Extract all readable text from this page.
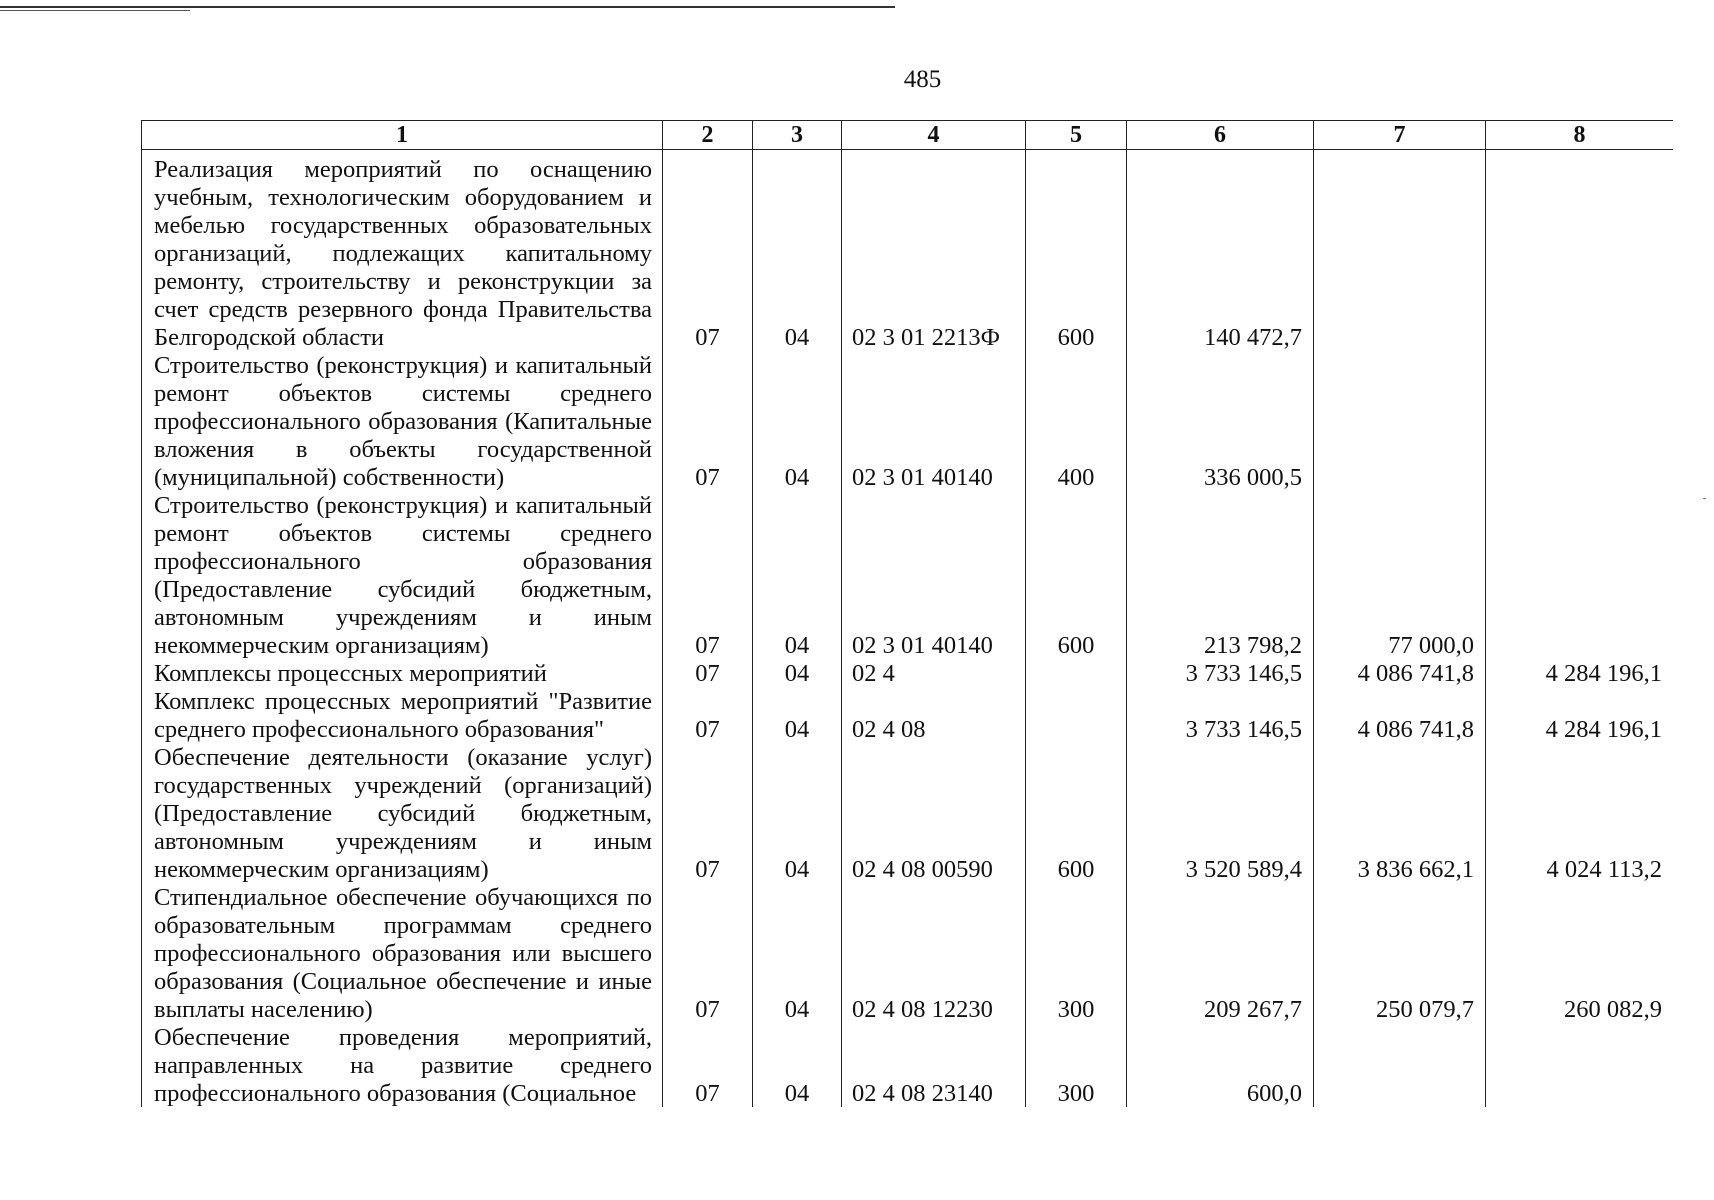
485
1	2	3	4	5	6	7	8
Реализация мероприятий по оснащению учебным, технологическим оборудованием и мебелью государственных образовательных организаций, подлежащих капитальному ремонту, строительству и реконструкции за счет средств резервного фонда Правительства Белгородской области	07	04	02 3 01 2213Ф	600	140 472,7		
Строительство (реконструкция) и капитальный ремонт объектов системы среднего профессионального образования (Капитальные вложения в объекты государственной (муниципальной) собственности)	07	04	02 3 01 40140	400	336 000,5		
Строительство (реконструкция) и капитальный ремонт объектов системы среднего профессионального образования (Предоставление субсидий бюджетным, автономным учреждениям и иным некоммерческим организациям)	07	04	02 3 01 40140	600	213 798,2	77 000,0	
Комплексы процессных мероприятий	07	04	02 4		3 733 146,5	4 086 741,8	4 284 196,1
Комплекс процессных мероприятий "Развитие среднего профессионального образования"	07	04	02 4 08		3 733 146,5	4 086 741,8	4 284 196,1
Обеспечение деятельности (оказание услуг) государственных учреждений (организаций) (Предоставление субсидий бюджетным, автономным учреждениям и иным некоммерческим организациям)	07	04	02 4 08 00590	600	3 520 589,4	3 836 662,1	4 024 113,2
Стипендиальное обеспечение обучающихся по образовательным программам среднего профессионального образования или высшего образования (Социальное обеспечение и иные выплаты населению)	07	04	02 4 08 12230	300	209 267,7	250 079,7	260 082,9
Обеспечение проведения мероприятий, направленных на развитие среднего профессионального образования (Социальное	07	04	02 4 08 23140	300	600,0		
